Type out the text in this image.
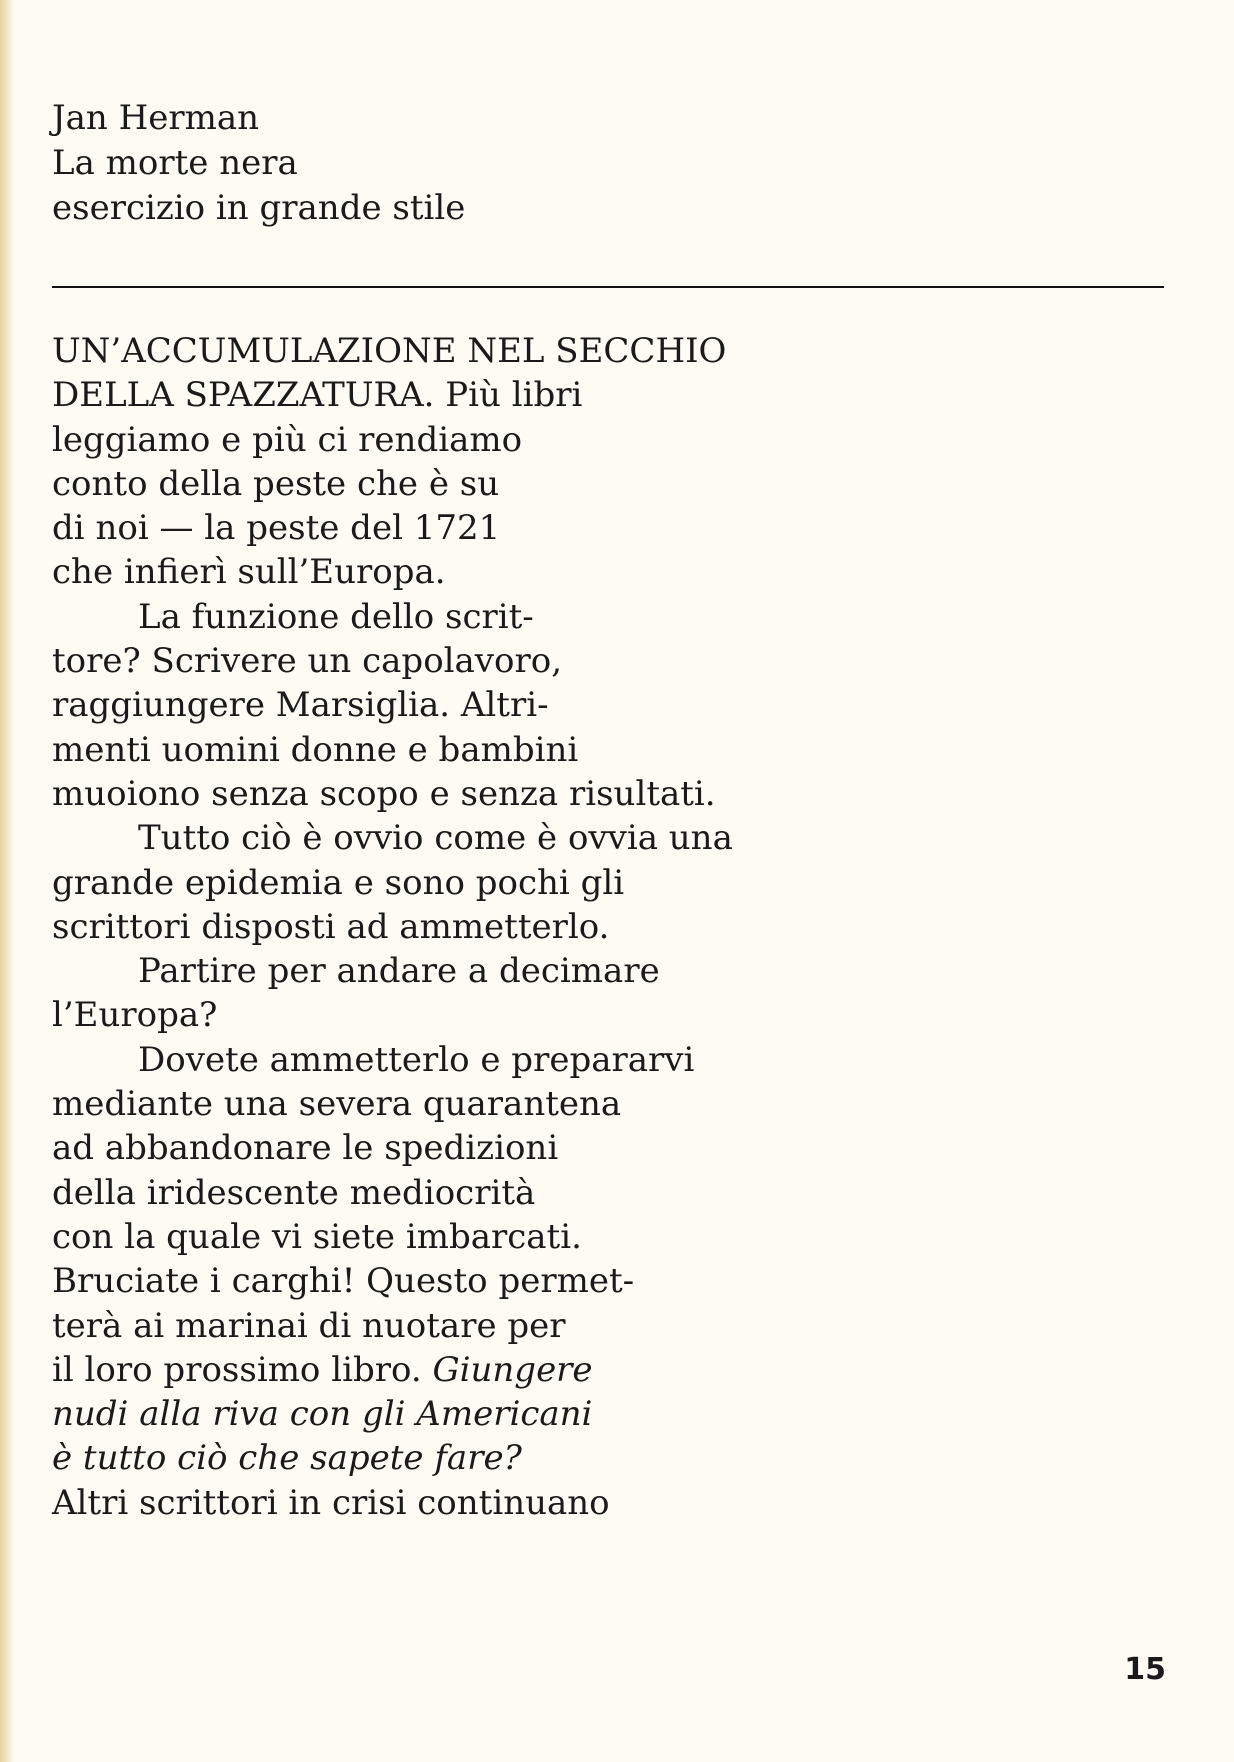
Jan Herman
La morte nera
esercizio in grande stile
UN’ACCUMULAZIONE NEL SECCHIO
DELLA SPAZZATURA. Più libri
leggiamo e più ci rendiamo
conto della peste che è su
di noi — la peste del 1721
che infierì sull’Europa.
La funzione dello scrit-
tore? Scrivere un capolavoro,
raggiungere Marsiglia. Altri-
menti uomini donne e bambini
muoiono senza scopo e senza risultati.
Tutto ciò è ovvio come è ovvia una
grande epidemia e sono pochi gli
scrittori disposti ad ammetterlo.
Partire per andare a decimare
l’Europa?
Dovete ammetterlo e prepararvi
mediante una severa quarantena
ad abbandonare le spedizioni
della iridescente mediocrità
con la quale vi siete imbarcati.
Bruciate i carghi! Questo permet-
terà ai marinai di nuotare per
il loro prossimo libro. Giungere
nudi alla riva con gli Americani
è tutto ciò che sapete fare?
Altri scrittori in crisi continuano
15
